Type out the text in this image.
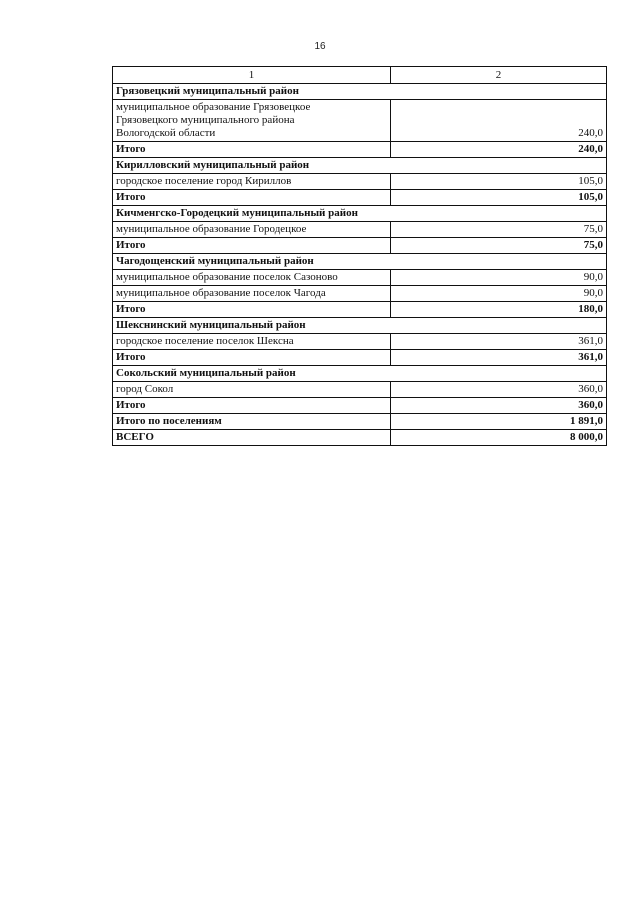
16
1	2
Грязовецкий муниципальный район	

муниципальное образование Грязовецкое
Грязовецкого муниципального района
Вологодской области	240,0
Итого	240,0
Кирилловский муниципальный район	

городское поселение город Кириллов	105,0
Итого	105,0
Кичменгско-Городецкий муниципальный район	

муниципальное образование Городецкое	75,0
Итого	75,0
Чагодощенский муниципальный район	

муниципальное образование поселок Сазоново	90,0

муниципальное образование поселок Чагода	90,0
Итого	180,0
Шекснинский муниципальный район	

городское поселение поселок Шексна	361,0
Итого	361,0
Сокольский муниципальный район	

город Сокол	360,0
Итого	360,0
Итого по поселениям	1 891,0
ВСЕГО	8 000,0
